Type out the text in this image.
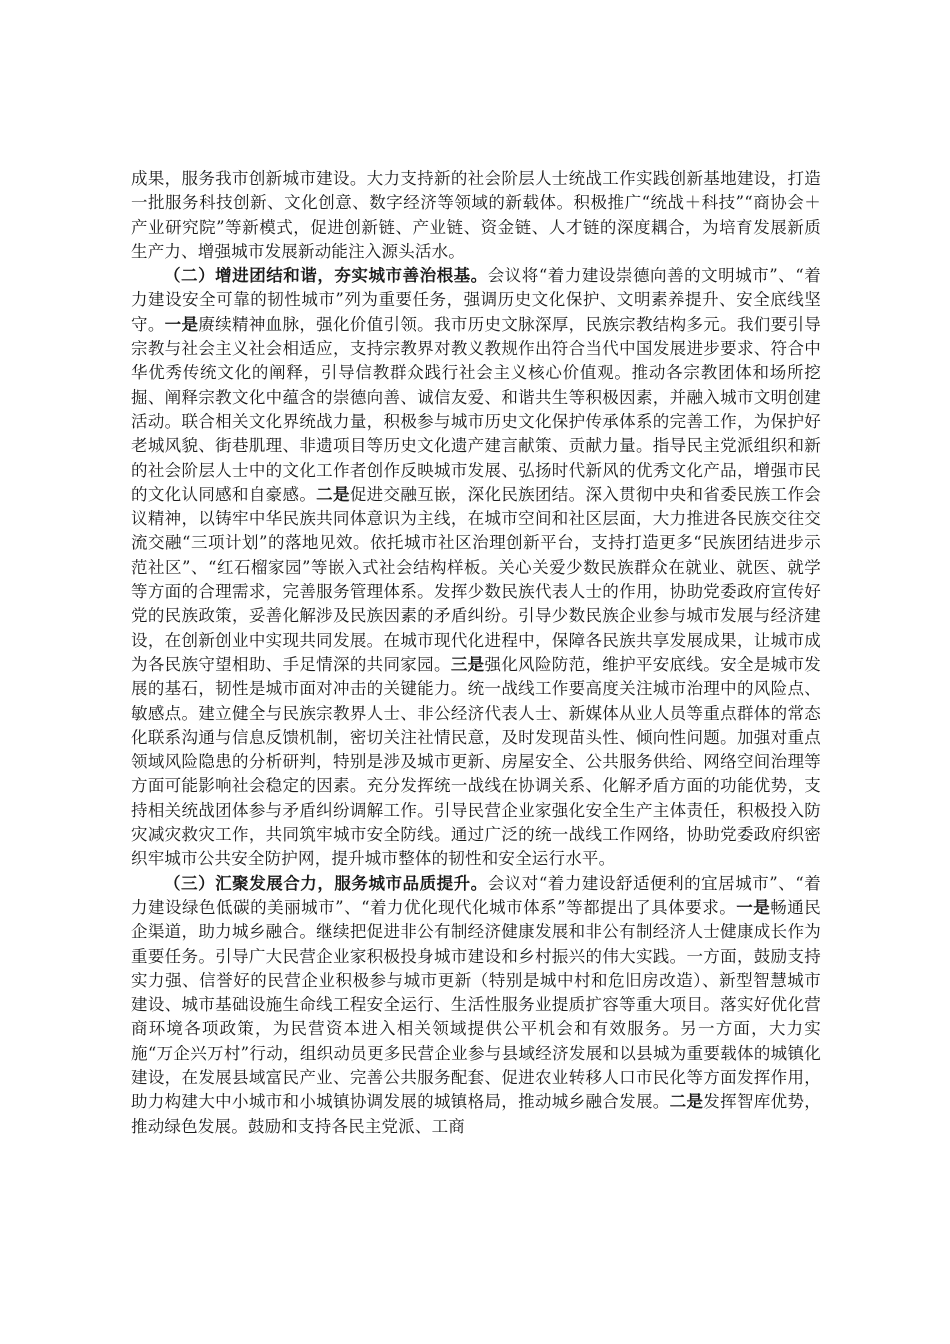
成果，服务我市创新城市建设。大力支持新的社会阶层人士统战工作实践创新基地建设，打造一批服务科技创新、文化创意、数字经济等领域的新载体。积极推广“统战＋科技”“商协会＋产业研究院”等新模式，促进创新链、产业链、资金链、人才链的深度耦合，为培育发展新质生产力、增强城市发展新动能注入源头活水。

（二）增进团结和谐，夯实城市善治根基。会议将“着力建设崇德向善的文明城市”、“着力建设安全可靠的韧性城市”列为重要任务，强调历史文化保护、文明素养提升、安全底线坚守。一是赓续精神血脉，强化价值引领。我市历史文脉深厚，民族宗教结构多元。我们要引导宗教与社会主义社会相适应，支持宗教界对教义教规作出符合当代中国发展进步要求、符合中华优秀传统文化的阐释，引导信教群众践行社会主义核心价值观。推动各宗教团体和场所挖掘、阐释宗教文化中蕴含的崇德向善、诚信友爱、和谐共生等积极因素，并融入城市文明创建活动。联合相关文化界统战力量，积极参与城市历史文化保护传承体系的完善工作，为保护好老城风貌、街巷肌理、非遗项目等历史文化遗产建言献策、贡献力量。指导民主党派组织和新的社会阶层人士中的文化工作者创作反映城市发展、弘扬时代新风的优秀文化产品，增强市民的文化认同感和自豪感。二是促进交融互嵌，深化民族团结。深入贯彻中央和省委民族工作会议精神，以铸牢中华民族共同体意识为主线，在城市空间和社区层面，大力推进各民族交往交流交融“三项计划”的落地见效。依托城市社区治理创新平台，支持打造更多“民族团结进步示范社区”、“红石榴家园”等嵌入式社会结构样板。关心关爱少数民族群众在就业、就医、就学等方面的合理需求，完善服务管理体系。发挥少数民族代表人士的作用，协助党委政府宣传好党的民族政策，妥善化解涉及民族因素的矛盾纠纷。引导少数民族企业参与城市发展与经济建设，在创新创业中实现共同发展。在城市现代化进程中，保障各民族共享发展成果，让城市成为各民族守望相助、手足情深的共同家园。三是强化风险防范，维护平安底线。安全是城市发展的基石，韧性是城市面对冲击的关键能力。统一战线工作要高度关注城市治理中的风险点、敏感点。建立健全与民族宗教界人士、非公经济代表人士、新媒体从业人员等重点群体的常态化联系沟通与信息反馈机制，密切关注社情民意，及时发现苗头性、倾向性问题。加强对重点领域风险隐患的分析研判，特别是涉及城市更新、房屋安全、公共服务供给、网络空间治理等方面可能影响社会稳定的因素。充分发挥统一战线在协调关系、化解矛盾方面的功能优势，支持相关统战团体参与矛盾纠纷调解工作。引导民营企业家强化安全生产主体责任，积极投入防灾减灾救灾工作，共同筑牢城市安全防线。通过广泛的统一战线工作网络，协助党委政府织密织牢城市公共安全防护网，提升城市整体的韧性和安全运行水平。

（三）汇聚发展合力，服务城市品质提升。会议对“着力建设舒适便利的宜居城市”、“着力建设绿色低碳的美丽城市”、“着力优化现代化城市体系”等都提出了具体要求。一是畅通民企渠道，助力城乡融合。继续把促进非公有制经济健康发展和非公有制经济人士健康成长作为重要任务。引导广大民营企业家积极投身城市建设和乡村振兴的伟大实践。一方面，鼓励支持实力强、信誉好的民营企业积极参与城市更新（特别是城中村和危旧房改造）、新型智慧城市建设、城市基础设施生命线工程安全运行、生活性服务业提质扩容等重大项目。落实好优化营商环境各项政策，为民营资本进入相关领域提供公平机会和有效服务。另一方面，大力实施“万企兴万村”行动，组织动员更多民营企业参与县域经济发展和以县城为重要载体的城镇化建设，在发展县域富民产业、完善公共服务配套、促进农业转移人口市民化等方面发挥作用，助力构建大中小城市和小城镇协调发展的城镇格局，推动城乡融合发展。二是发挥智库优势，推动绿色发展。鼓励和支持各民主党派、工商
